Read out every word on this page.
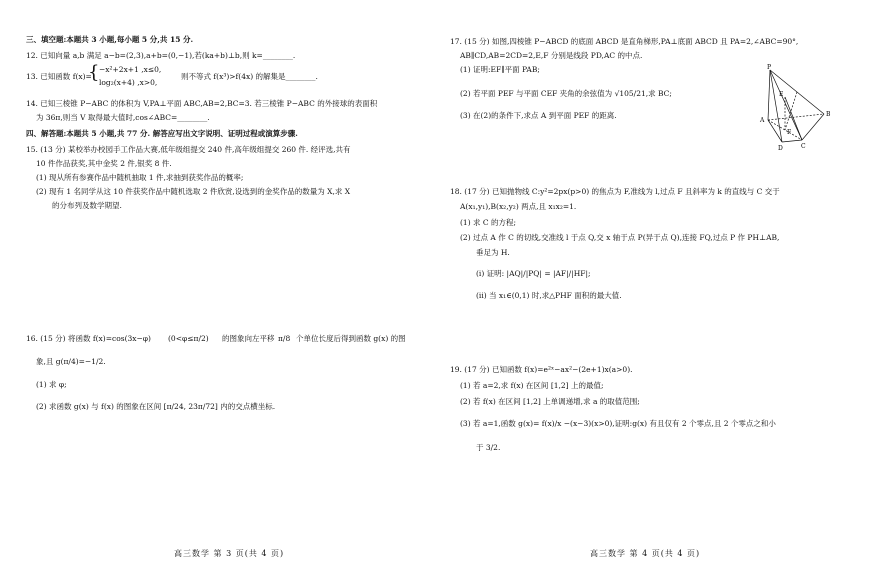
三、填空题:本题共 3 小题,每小题 5 分,共 15 分.
12. 已知向量 a,b 满足 a−b=(2,3),a+b=(0,−1),若(ka+b)⊥b,则 k=________.
13. 已知函数 f(x)=
{ −x²+2x+1 ,x≤0,
log₂(x+4) ,x>0,
则不等式 f(x³)>f(4x) 的解集是________.
14. 已知三棱锥 P−ABC 的体积为 V,PA⊥平面 ABC,AB=2,BC=3. 若三棱锥 P−ABC 的外接球的表面积
为 36π,则当 V 取得最大值时,cos∠ABC=________.
四、解答题:本题共 5 小题,共 77 分. 解答应写出文字说明、证明过程或演算步骤.
15. (13 分) 某校举办校园手工作品大赛,低年级组提交 240 件,高年级组提交 260 件. 经评选,共有
10 件作品获奖,其中金奖 2 件,银奖 8 件.
(1) 现从所有参赛作品中随机抽取 1 件,求抽到获奖作品的概率;
(2) 现有 1 名同学从这 10 件获奖作品中随机选取 2 件欣赏,设选到的金奖作品的数量为 X,求 X
的分布列及数学期望.
16. (15 分) 将函数 f(x)=cos(3x−φ) (0<φ≤π/2) 的图象向左平移 π/8 个单位长度后得到函数 g(x) 的图
象,且 g(π/4)=−1/2.
(1) 求 φ;
(2) 求函数 g(x) 与 f(x) 的图象在区间 [π/24, 23π/72] 内的交点横坐标.
高三数学 第 3 页(共 4 页)
17. (15 分) 如图,四棱锥 P−ABCD 的底面 ABCD 是直角梯形,PA⊥底面 ABCD 且 PA=2,∠ABC=90°,
AB∥CD,AB=2CD=2,E,F 分别是线段 PD,AC 的中点.
(1) 证明:EF∥平面 PAB;
(2) 若平面 PEF 与平面 CEF 夹角的余弦值为 √105/21,求 BC;
(3) 在(2)的条件下,求点 A 到平面 PEF 的距离.
P
A
D	C
B
E
F
18. (17 分) 已知抛物线 C:y²=2px(p>0) 的焦点为 F,准线为 l,过点 F 且斜率为 k 的直线与 C 交于
A(x₁,y₁),B(x₂,y₂) 两点,且 x₁x₂=1.
(1) 求 C 的方程;
(2) 过点 A 作 C 的切线,交准线 l 于点 Q,交 x 轴于点 P(异于点 Q),连接 FQ,过点 P 作 PH⊥AB,
垂足为 H.
(i) 证明: |AQ|/|PQ| = |AF|/|HF|;
(ii) 当 x₁∈(0,1) 时,求△PHF 面积的最大值.
19. (17 分) 已知函数 f(x)=e²ˣ−ax²−(2e+1)x(a>0).
(1) 若 a=2,求 f(x) 在区间 [1,2] 上的最值;
(2) 若 f(x) 在区间 [1,2] 上单调递增,求 a 的取值范围;
(3) 若 a=1,函数 g(x)= f(x)/x −(x−3)(x>0),证明:g(x) 有且仅有 2 个零点,且 2 个零点之和小
于 3/2.
高三数学 第 4 页(共 4 页)
